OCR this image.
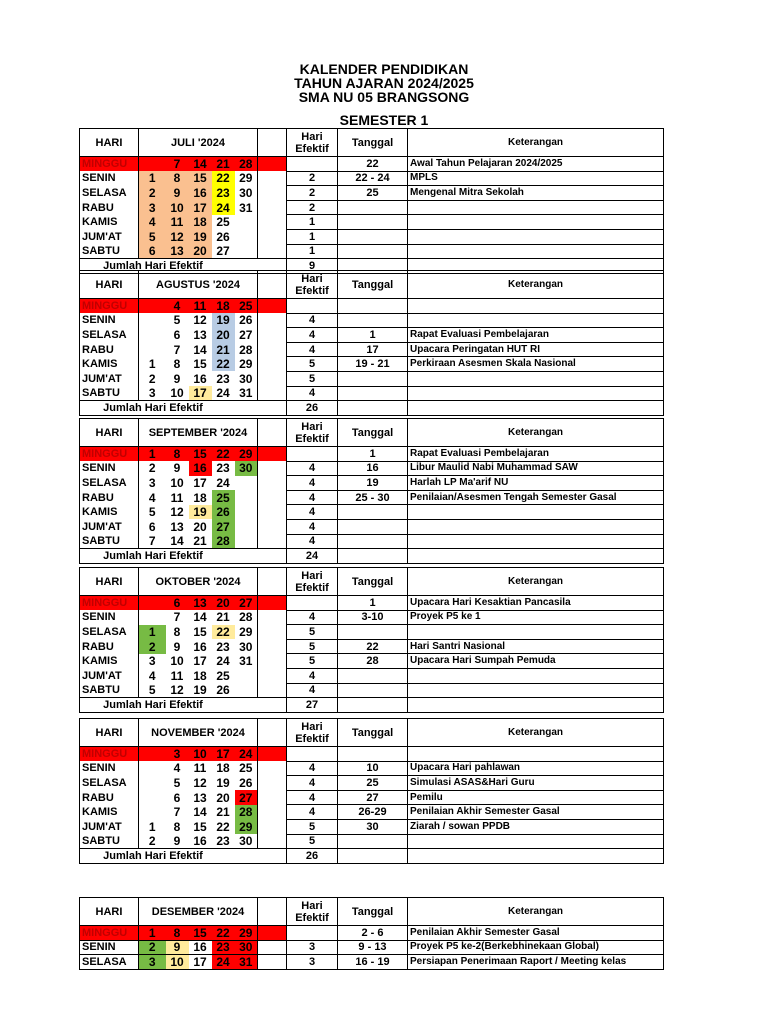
KALENDER PENDIDIKAN
TAHUN AJARAN 2024/2025
SMA NU 05 BRANGSONG
SEMESTER 1
HARI	JULI '2024						Hari Efektif	Tanggal	Keterangan
MINGGU		7	14	21	28			22	Awal Tahun Pelajaran 2024/2025
SENIN	1	8	15	22	29		2	22 - 24	MPLS
SELASA	2	9	16	23	30		2	25	Mengenal Mitra Sekolah
RABU	3	10	17	24	31		2		
KAMIS	4	11	18	25			1		
JUM'AT	5	12	19	26			1		
SABTU	6	13	20	27			1		
Jumlah Hari Efektif							9		
HARI	AGUSTUS '2024						Hari Efektif	Tanggal	Keterangan
MINGGU		4	11	18	25				
SENIN		5	12	19	26		4		
SELASA		6	13	20	27		4	1	Rapat Evaluasi Pembelajaran
RABU		7	14	21	28		4	17	Upacara Peringatan HUT RI
KAMIS	1	8	15	22	29		5	19 - 21	Perkiraan Asesmen Skala Nasional
JUM'AT	2	9	16	23	30		5		
SABTU	3	10	17	24	31		4		
Jumlah Hari Efektif							26		
HARI	SEPTEMBER '2024						Hari Efektif	Tanggal	Keterangan
MINGGU	1	8	15	22	29			1	Rapat Evaluasi Pembelajaran
SENIN	2	9	16	23	30		4	16	Libur Maulid Nabi Muhammad SAW
SELASA	3	10	17	24			4	19	Harlah LP Ma'arif NU
RABU	4	11	18	25			4	25 - 30	Penilaian/Asesmen Tengah Semester Gasal
KAMIS	5	12	19	26			4		
JUM'AT	6	13	20	27			4		
SABTU	7	14	21	28			4		
Jumlah Hari Efektif							24		
HARI	OKTOBER '2024						Hari Efektif	Tanggal	Keterangan
MINGGU		6	13	20	27			1	Upacara Hari Kesaktian Pancasila
SENIN		7	14	21	28		4	3-10	Proyek P5 ke 1
SELASA	1	8	15	22	29		5		
RABU	2	9	16	23	30		5	22	Hari Santri Nasional
KAMIS	3	10	17	24	31		5	28	Upacara Hari Sumpah Pemuda
JUM'AT	4	11	18	25			4		
SABTU	5	12	19	26			4		
Jumlah Hari Efektif							27		
HARI	NOVEMBER '2024						Hari Efektif	Tanggal	Keterangan
MINGGU		3	10	17	24				
SENIN		4	11	18	25		4	10	Upacara Hari pahlawan
SELASA		5	12	19	26		4	25	Simulasi ASAS&Hari Guru
RABU		6	13	20	27		4	27	Pemilu
KAMIS		7	14	21	28		4	26-29	Penilaian Akhir Semester Gasal
JUM'AT	1	8	15	22	29		5	30	Ziarah / sowan PPDB
SABTU	2	9	16	23	30		5		
Jumlah Hari Efektif							26		
HARI	DESEMBER '2024						Hari Efektif	Tanggal	Keterangan
MINGGU	1	8	15	22	29			2 - 6	Penilaian Akhir Semester Gasal
SENIN	2	9	16	23	30		3	9 - 13	Proyek P5 ke-2(Berkebhinekaan Global)
SELASA	3	10	17	24	31		3	16 - 19	Persiapan Penerimaan Raport / Meeting kelas
